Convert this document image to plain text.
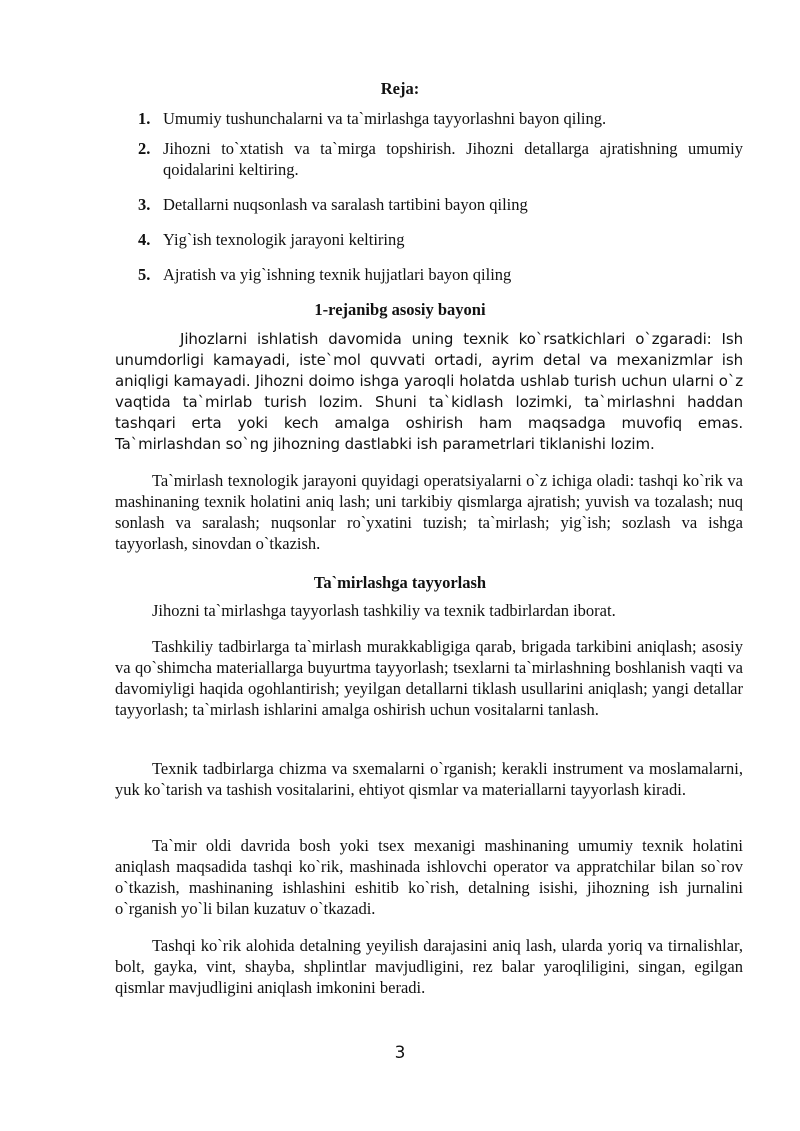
Reja:
1. Umumiy tushunchalarni va ta`mirlashga tayyorlashni bayon qiling.
2. Jihozni to`xtatish va ta`mirga topshirish. Jihozni detallarga ajratishning umumiy qoidalarini keltiring.
3. Detallarni nuqsonlash va saralash tartibini bayon qiling
4. Yig`ish texnologik jarayoni keltiring
5. Ajratish va yig`ishning texnik hujjatlari bayon qiling
1-rejanibg asosiy bayoni
Jihozlarni ishlatish davomida uning texnik ko`rsatkichlari o`zgaradi: Ish unumdorligi kamayadi, iste`mol quvvati ortadi, ayrim detal va mexanizmlar ish aniqligi kamayadi. Jihozni doimo ishga yaroqli holatda ushlab turish uchun ularni o`z vaqtida ta`mirlab turish lozim. Shuni ta`kidlash lozimki, ta`mirlashni haddan tashqari erta yoki kech amalga oshirish ham maqsadga muvofiq emas. Ta`mirlashdan so`ng jihozning dastlabki ish parametrlari tiklanishi lozim.
Ta`mirlash texnologik jarayoni quyidagi operatsiyalarni o`z ichiga oladi: tashqi ko`rik va mashinaning texnik holatini aniq lash; uni tarkibiy qismlarga ajratish; yuvish va tozalash; nuq sonlash va saralash; nuqsonlar ro`yxatini tuzish; ta`mirlash; yig`ish; sozlash va ishga tayyorlash, sinovdan o`tkazish.
Ta`mirlashga tayyorlash
Jihozni ta`mirlashga tayyorlash tashkiliy va texnik tadbirlardan iborat.
Tashkiliy tadbirlarga ta`mirlash murakkabligiga qarab, brigada tarkibini aniqlash; asosiy va qo`shimcha materiallarga buyurtma tayyorlash; tsexlarni ta`mirlashning boshlanish vaqti va davomiyligi haqida ogohlantirish; yeyilgan detallarni tiklash usullarini aniqlash; yangi detallar tayyorlash; ta`mirlash ishlarini amalga oshirish uchun vositalarni tanlash.
Texnik tadbirlarga chizma va sxemalarni o`rganish; kerakli instrument va moslamalarni, yuk ko`tarish va tashish vositalarini, ehtiyot qismlar va materiallarni tayyorlash kiradi.
Ta`mir oldi davrida bosh yoki tsex mexanigi mashinaning umumiy texnik holatini aniqlash maqsadida tashqi ko`rik, mashinada ishlovchi operator va appratchilar bilan so`rov o`tkazish, mashinaning ishlashini eshitib ko`rish, detalning isishi, jihozning ish jurnalini o`rganish yo`li bilan kuzatuv o`tkazadi.
Tashqi ko`rik alohida detalning yeyilish darajasini aniq lash, ularda yoriq va tirnalishlar, bolt, gayka, vint, shayba, shplintlar mavjudligini, rez balar yaroqliligini, singan, egilgan qismlar mavjudligini aniqlash imkonini beradi.
3
